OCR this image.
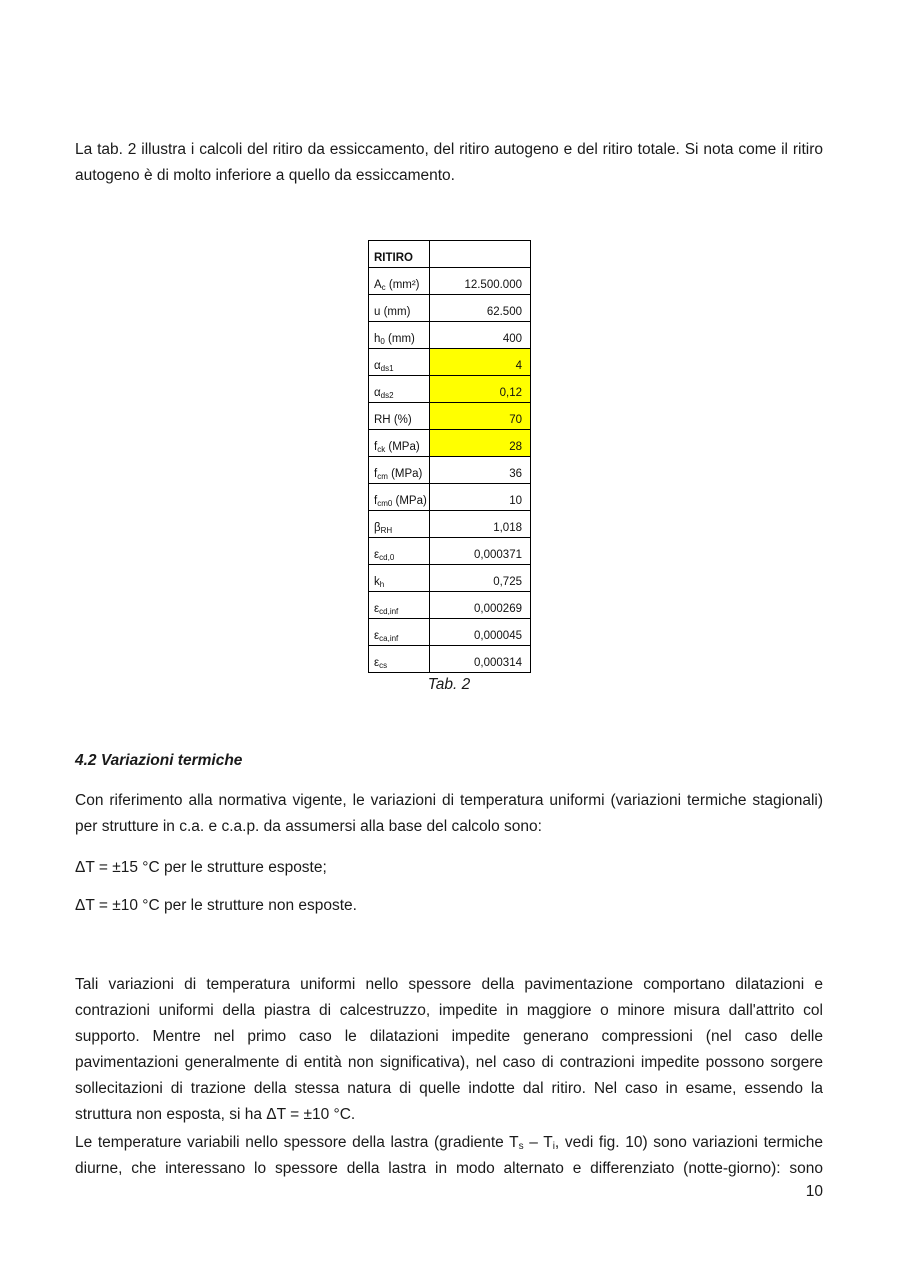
La tab. 2 illustra i calcoli del ritiro da essiccamento, del ritiro autogeno e del ritiro totale. Si nota come il ritiro autogeno è di molto inferiore a quello da essiccamento.

RITIRO	
$A_c$ (mm²)	12.500.000
u (mm)	62.500
$h_0$ (mm)	400
$\alpha_{ds1}$	4
$\alpha_{ds2}$	0,12
RH (%)	70
$f_{ck}$ (MPa)	28
$f_{cm}$ (MPa)	36
$f_{cm0}$ (MPa)	10
$\beta_{RH}$	1,018
$\varepsilon_{cd,0}$	0,000371
$k_h$	0,725
$\varepsilon_{cd,inf}$	0,000269
$\varepsilon_{ca,inf}$	0,000045
$\varepsilon_{cs}$	0,000314
Tab. 2
4.2 Variazioni termiche

Con riferimento alla normativa vigente, le variazioni di temperatura uniformi (variazioni termiche stagionali) per strutture in c.a. e c.a.p. da assumersi alla base del calcolo sono:

ΔT = ±15 °C per le strutture esposte;

ΔT = ±10 °C per le strutture non esposte.

Tali variazioni di temperatura uniformi nello spessore della pavimentazione comportano dilatazioni e contrazioni uniformi della piastra di calcestruzzo, impedite in maggiore o minore misura dall'attrito col supporto. Mentre nel primo caso le dilatazioni impedite generano compressioni (nel caso delle pavimentazioni generalmente di entità non significativa), nel caso di contrazioni impedite possono sorgere sollecitazioni di trazione della stessa natura di quelle indotte dal ritiro. Nel caso in esame, essendo la struttura non esposta, si ha ΔT = ±10 °C.

Le temperature variabili nello spessore della lastra (gradiente $T_s - T_i$, vedi fig. 10) sono variazioni termiche diurne, che interessano lo spessore della lastra in modo alternato e differenziato (notte-giorno): sono

10
